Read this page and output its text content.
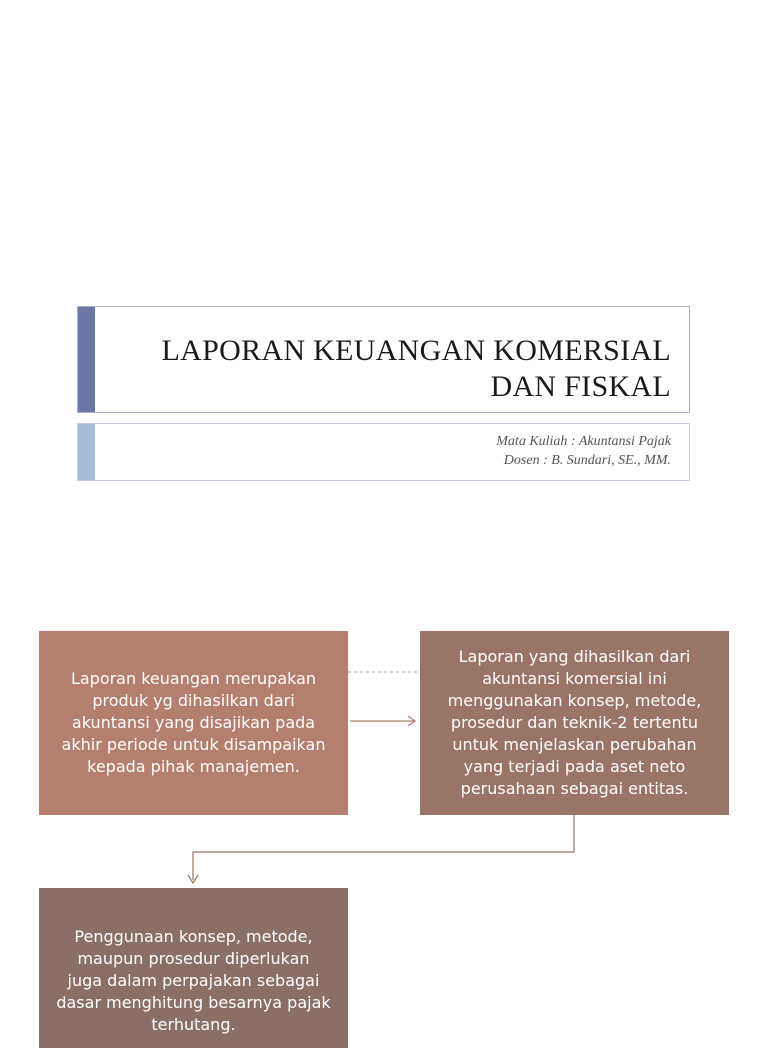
LAPORAN KEUANGAN KOMERSIAL
DAN FISKAL
Mata Kuliah : Akuntansi Pajak
Dosen : B. Sundari, SE., MM.
Laporan keuangan merupakan
produk yg dihasilkan dari
akuntansi yang disajikan pada
akhir periode untuk disampaikan
kepada pihak manajemen.
Laporan yang dihasilkan dari
akuntansi komersial ini
menggunakan konsep, metode,
prosedur dan teknik-2 tertentu
untuk menjelaskan perubahan
yang terjadi pada aset neto
perusahaan sebagai entitas.
Penggunaan konsep, metode,
maupun prosedur diperlukan
juga dalam perpajakan sebagai
dasar menghitung besarnya pajak
terhutang.
